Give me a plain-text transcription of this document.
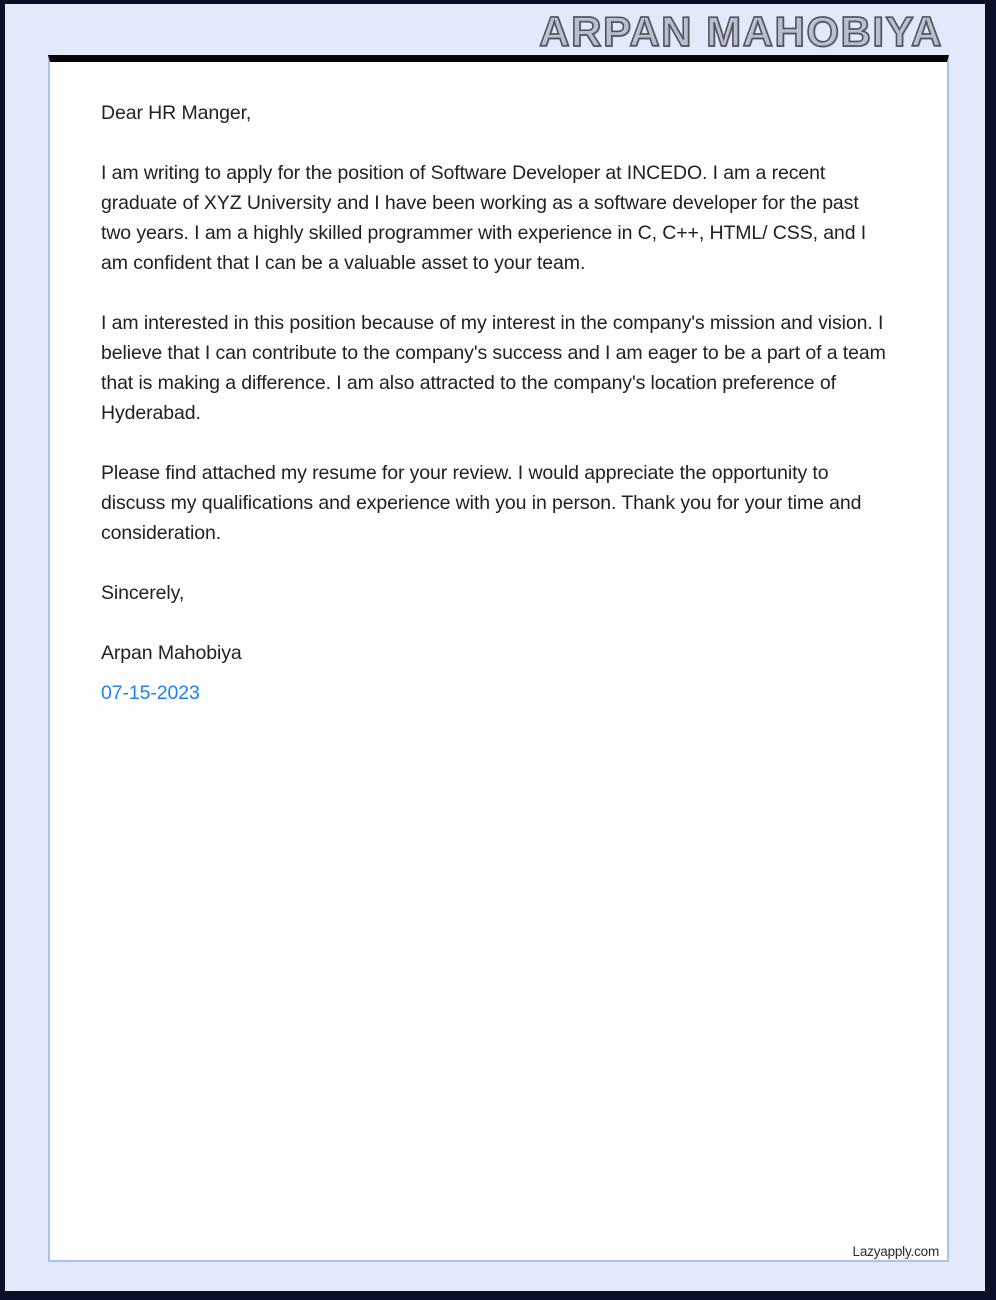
ARPAN MAHOBIYA

Dear HR Manger,

I am writing to apply for the position of Software Developer at INCEDO. I am a recent graduate of XYZ University and I have been working as a software developer for the past two years. I am a highly skilled programmer with experience in C, C++, HTML/ CSS, and I am confident that I can be a valuable asset to your team.

I am interested in this position because of my interest in the company's mission and vision. I believe that I can contribute to the company's success and I am eager to be a part of a team that is making a difference. I am also attracted to the company's location preference of Hyderabad.

Please find attached my resume for your review. I would appreciate the opportunity to discuss my qualifications and experience with you in person. Thank you for your time and consideration.

Sincerely,

Arpan Mahobiya

07-15-2023

Lazyapply.com
